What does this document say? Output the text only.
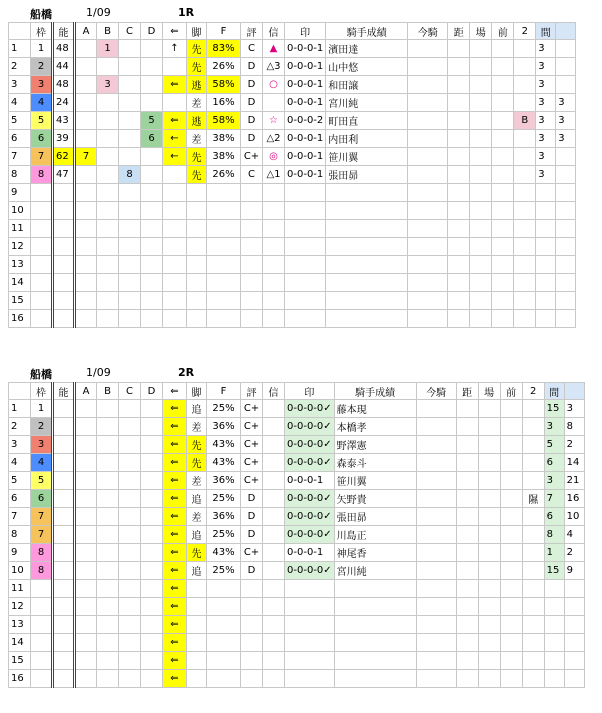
船橋	1/09	1R
	枠	能	A	B	C	D	⇐	脚	F	評	信	印	騎手成績	今騎	距	場	前	2	間	
1	1	48		1			↑	先	83%	C	▲	0-0-0-1	濱田達						3	
2	2	44						先	26%	D	△3	0-0-0-1	山中悠						3	
3	3	48		3			⇐	逃	58%	D	○	0-0-0-1	和田譲						3	
4	4	24						差	16%	D		0-0-0-1	宮川純						3	3
5	5	43				5	⇐	逃	58%	D	☆	0-0-0-2	町田直					B	3	3
6	6	39				6	←	差	38%	D	△2	0-0-0-1	内田利						3	3
7	7	62	7				←	先	38%	C+	◎	0-0-0-1	笹川翼						3	
8	8	47			8			先	26%	C	△1	0-0-0-1	張田昴						3	
9																				
10																				
11																				
12																				
13																				
14																				
15																				
16																				
船橋	1/09	2R
	枠	能	A	B	C	D	⇐	脚	F	評	信	印	騎手成績	今騎	距	場	前	2	間	
1	1						⇐	追	25%	C+		0-0-0-0✓	藤本現						15	3
2	2						⇐	差	36%	C+		0-0-0-0✓	本橋孝						3	8
3	3						⇐	先	43%	C+		0-0-0-0✓	野澤憲						5	2
4	4						⇐	先	43%	C+		0-0-0-0✓	森泰斗						6	14
5	5						⇐	差	36%	C+		0-0-0-1	笹川翼						3	21
6	6						⇐	追	25%	D		0-0-0-0✓	矢野貴					隰	7	16
7	7						⇐	差	36%	D		0-0-0-0✓	張田昴						6	10
8	7						⇐	追	25%	D		0-0-0-0✓	川島正						8	4
9	8						⇐	先	43%	C+		0-0-0-1	神尾香						1	2
10	8						⇐	追	25%	D		0-0-0-0✓	宮川純						15	9
11							⇐													
12							⇐													
13							⇐													
14							⇐													
15							⇐													
16							⇐													
